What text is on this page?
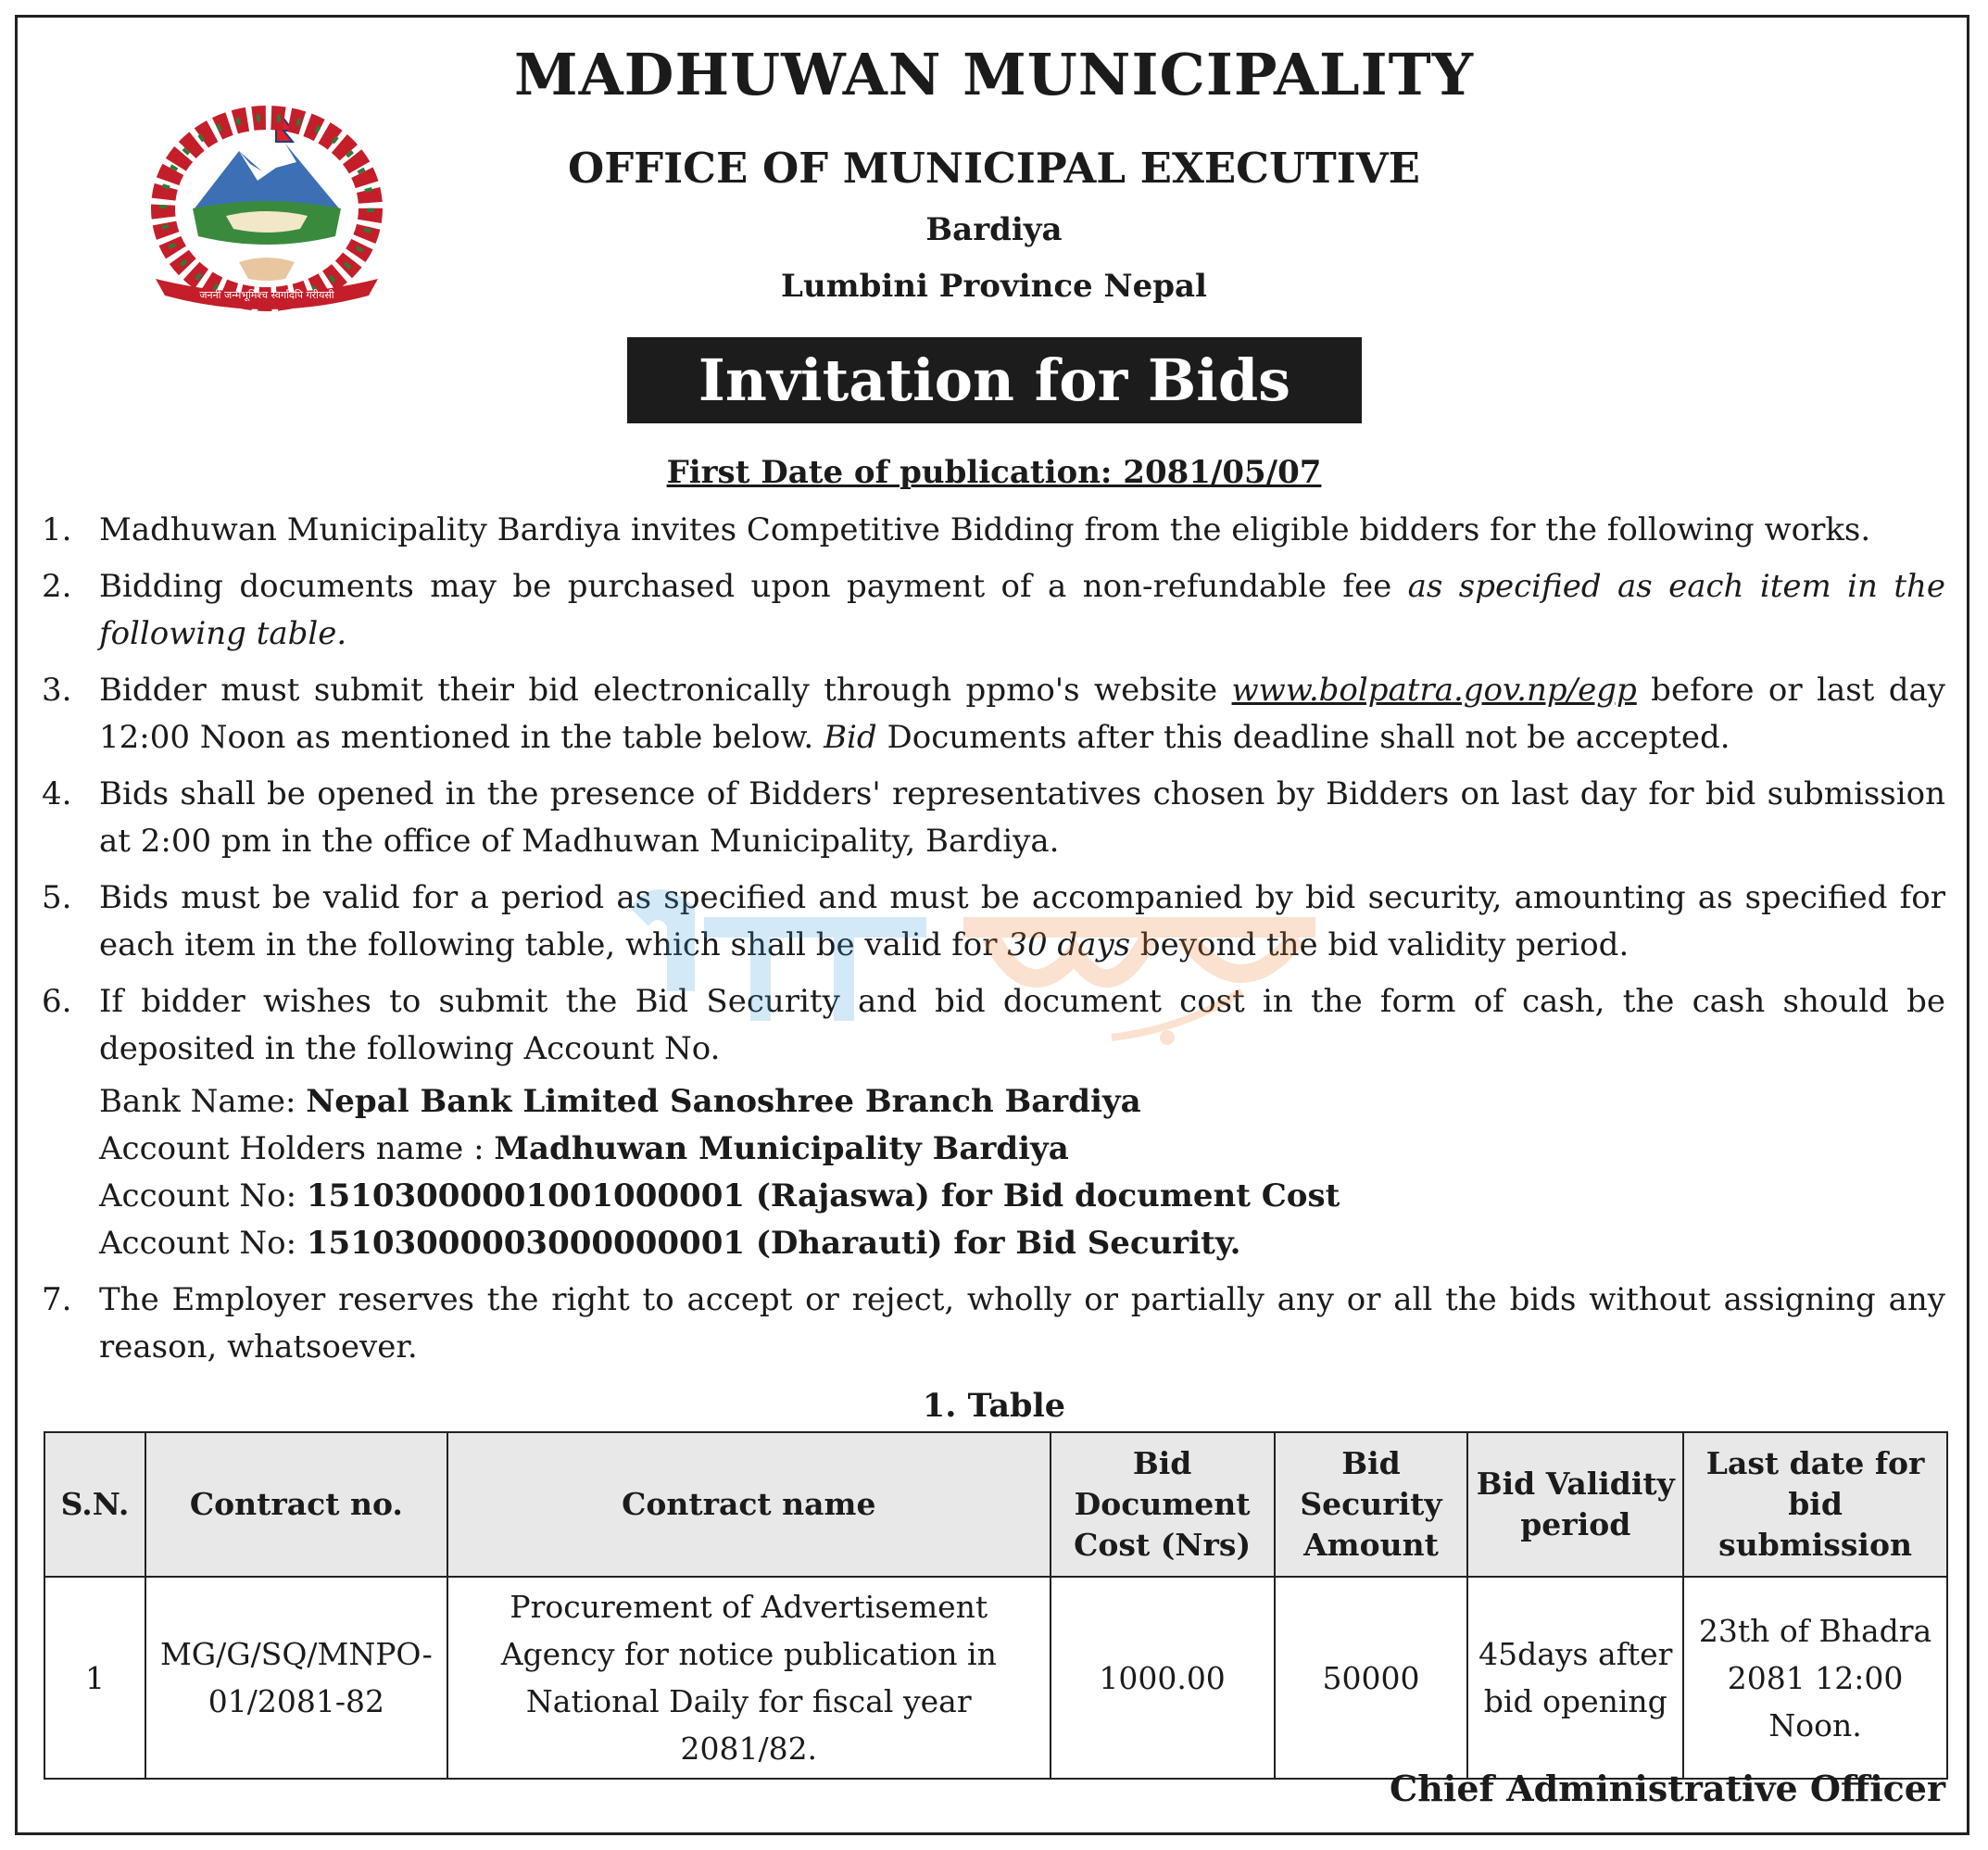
जननी जन्मभूमिश्च स्वर्गादपि गरीयसी
MADHUWAN MUNICIPALITY
OFFICE OF MUNICIPAL EXECUTIVE
Bardiya
Lumbini Province Nepal
Invitation for Bids
First Date of publication: 2081/05/07
1. Madhuwan Municipality Bardiya invites Competitive Bidding from the eligible bidders for the following works.
2. Bidding documents may be purchased upon payment of a non-refundable fee as specified as each item in the following table.
3. Bidder must submit their bid electronically through ppmo's website www.bolpatra.gov.np/egp before or last day 12:00 Noon as mentioned in the table below. Bid Documents after this deadline shall not be accepted.
4. Bids shall be opened in the presence of Bidders' representatives chosen by Bidders on last day for bid submission at 2:00 pm in the office of Madhuwan Municipality, Bardiya.
5. Bids must be valid for a period as specified and must be accompanied by bid security, amounting as specified for each item in the following table, which shall be valid for 30 days beyond the bid validity period.
6. If bidder wishes to submit the Bid Security and bid document cost in the form of cash, the cash should be deposited in the following Account No.
Bank Name: Nepal Bank Limited Sanoshree Branch Bardiya
Account Holders name : Madhuwan Municipality Bardiya
Account No: 15103000001001000001 (Rajaswa) for Bid document Cost
Account No: 15103000003000000001 (Dharauti) for Bid Security.
7. The Employer reserves the right to accept or reject, wholly or partially any or all the bids without assigning any reason, whatsoever.
1. Table
S.N.	Contract no.	Contract name	Bid Document Cost (Nrs)	Bid Security Amount	Bid Validity period	Last date for bid submission
1	MG/G/SQ/MNPO-01/2081-82	Procurement of Advertisement Agency for notice publication in National Daily for fiscal year 2081/82.	1000.00	50000	45days after bid opening	23th of Bhadra 2081 12:00 Noon.
Chief Administrative Officer
